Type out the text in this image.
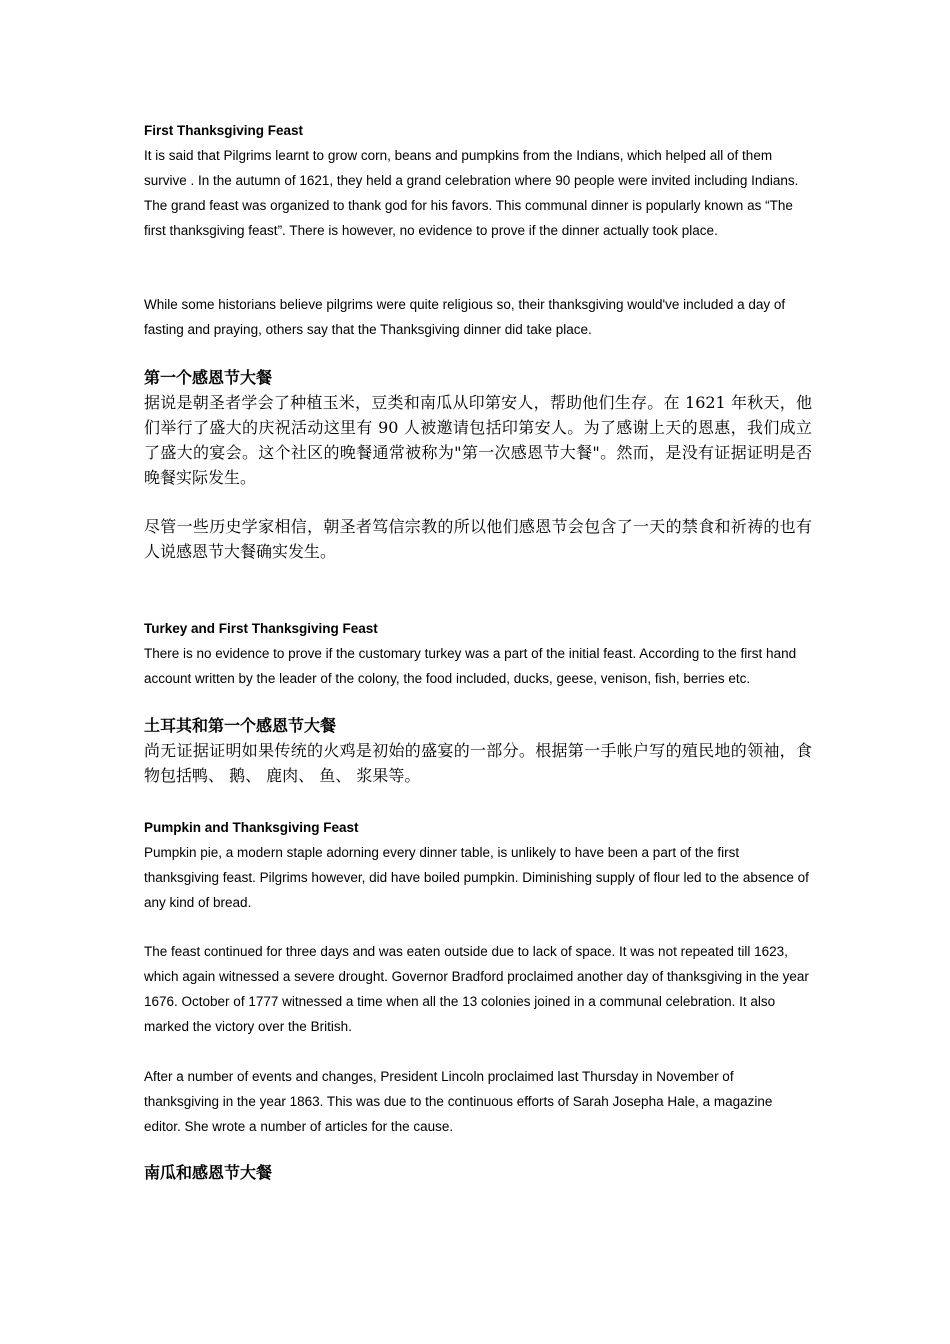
First Thanksgiving Feast

It is said that Pilgrims learnt to grow corn, beans and pumpkins from the Indians, which helped all of them survive . In the autumn of 1621, they held a grand celebration where 90 people were invited including Indians. The grand feast was organized to thank god for his favors. This communal dinner is popularly known as “The first thanksgiving feast”. There is however, no evidence to prove if the dinner actually took place.

While some historians believe pilgrims were quite religious so, their thanksgiving would've included a day of fasting and praying, others say that the Thanksgiving dinner did take place.

第一个感恩节大餐

据说是朝圣者学会了种植玉米，豆类和南瓜从印第安人，帮助他们生存。在 1621 年秋天，他们举行了盛大的庆祝活动这里有 90 人被邀请包括印第安人。为了感谢上天的恩惠，我们成立了盛大的宴会。这个社区的晚餐通常被称为"第一次感恩节大餐"。然而，是没有证据证明是否晚餐实际发生。

尽管一些历史学家相信，朝圣者笃信宗教的所以他们感恩节会包含了一天的禁食和祈祷的也有人说感恩节大餐确实发生。

Turkey and First Thanksgiving Feast

There is no evidence to prove if the customary turkey was a part of the initial feast. According to the first hand account written by the leader of the colony, the food included, ducks, geese, venison, fish, berries etc.

土耳其和第一个感恩节大餐

尚无证据证明如果传统的火鸡是初始的盛宴的一部分。根据第一手帐户写的殖民地的领袖，食物包括鸭、 鹅、 鹿肉、 鱼、 浆果等。

Pumpkin and Thanksgiving Feast

Pumpkin pie, a modern staple adorning every dinner table, is unlikely to have been a part of the first thanksgiving feast. Pilgrims however, did have boiled pumpkin. Diminishing supply of flour led to the absence of any kind of bread.

The feast continued for three days and was eaten outside due to lack of space. It was not repeated till 1623, which again witnessed a severe drought. Governor Bradford proclaimed another day of thanksgiving in the year 1676. October of 1777 witnessed a time when all the 13 colonies joined in a communal celebration. It also marked the victory over the British.

After a number of events and changes, President Lincoln proclaimed last Thursday in November of thanksgiving in the year 1863. This was due to the continuous efforts of Sarah Josepha Hale, a magazine editor. She wrote a number of articles for the cause.

南瓜和感恩节大餐
